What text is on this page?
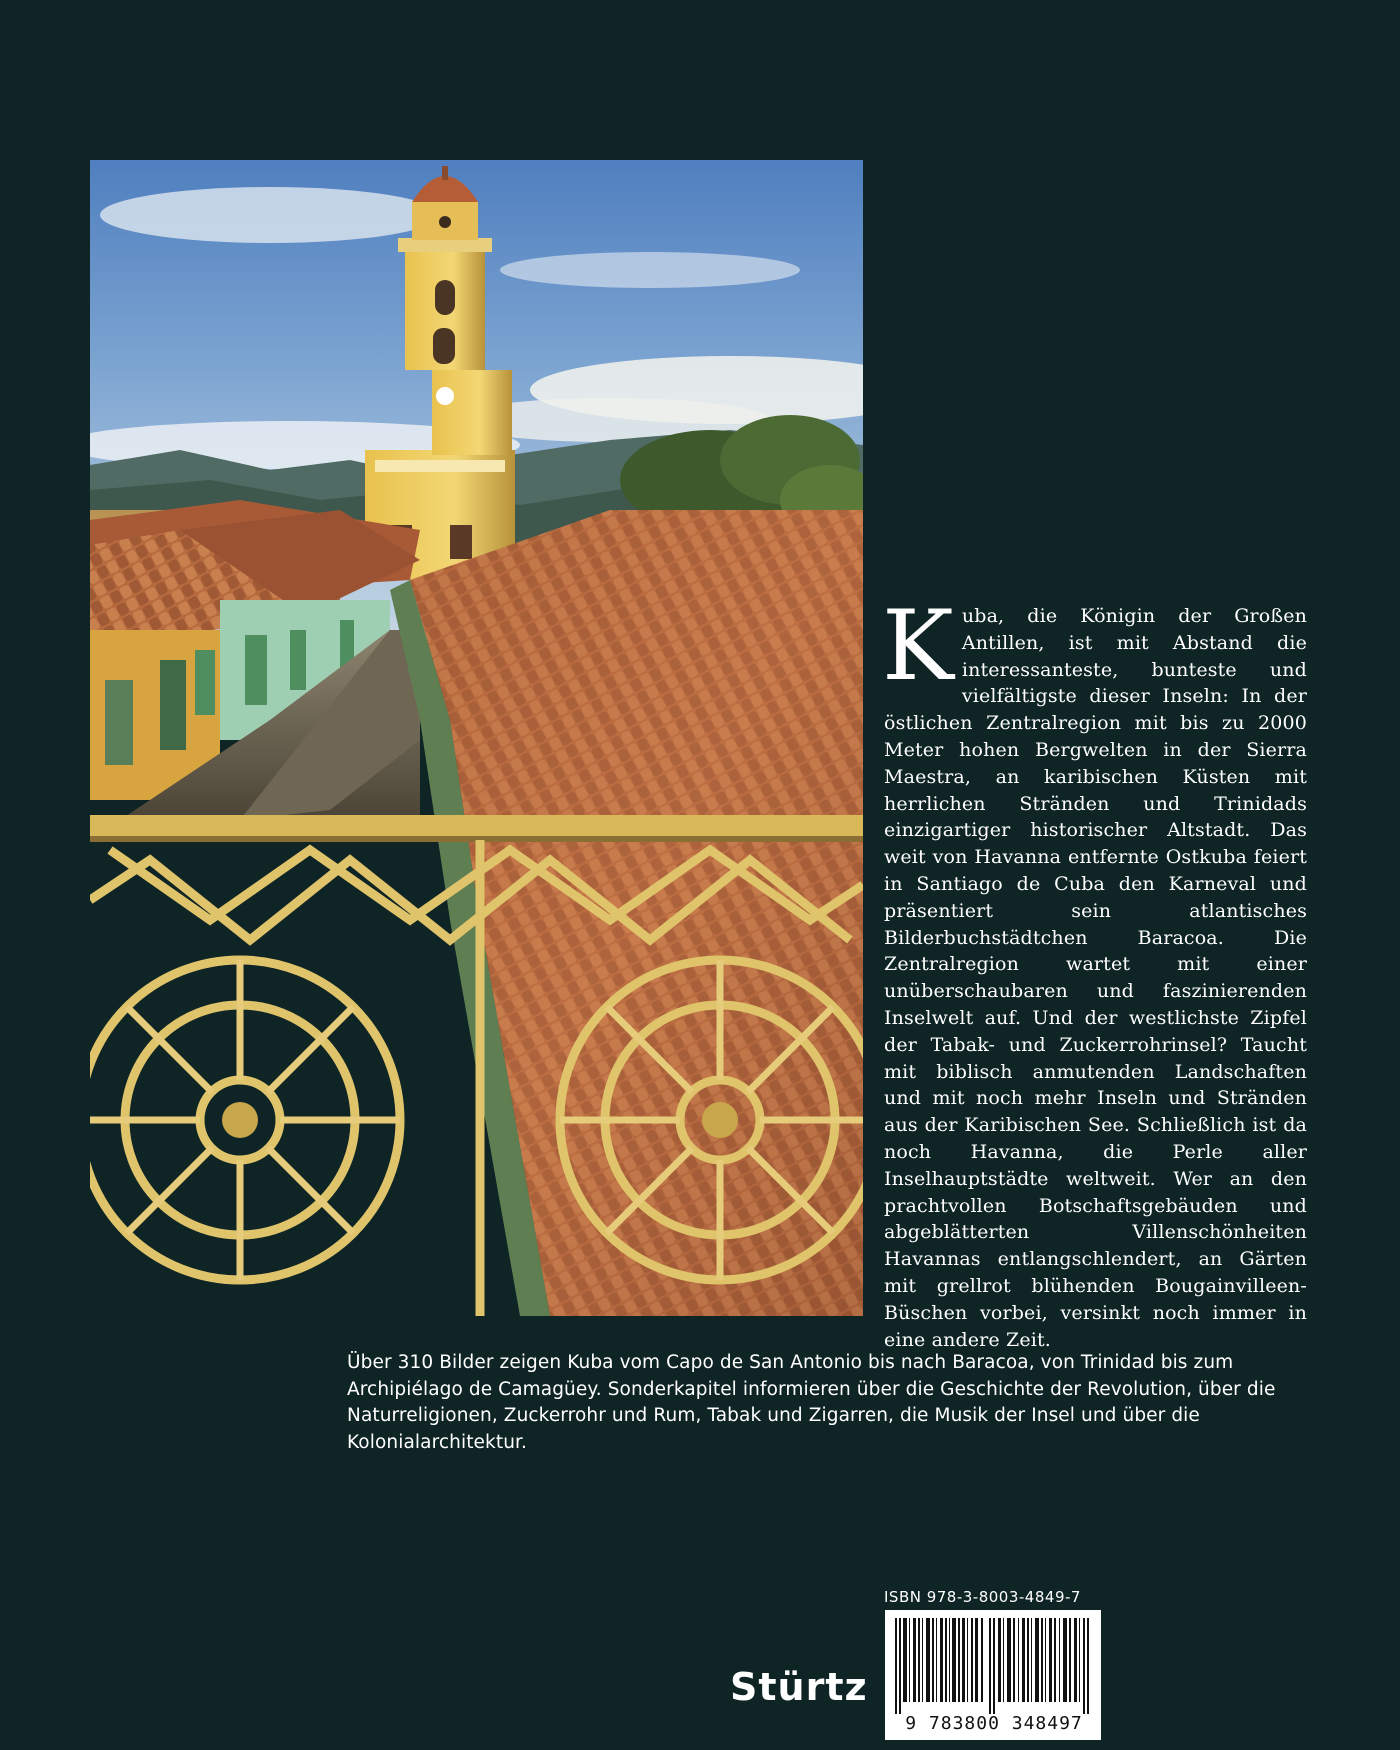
Kuba, die Königin der Großen Antillen, ist mit Abstand die interessanteste, bunteste und vielfältigste dieser Inseln: In der östlichen Zentralregion mit bis zu 2000 Meter hohen Bergwelten in der Sierra Maestra, an karibischen Küsten mit herrlichen Stränden und Trinidads einzigartiger historischer Altstadt. Das weit von Havanna entfernte Ostkuba feiert in Santiago de Cuba den Karneval und präsentiert sein atlantisches Bilderbuchstädtchen Baracoa. Die Zentralregion wartet mit einer unüberschaubaren und faszinierenden Inselwelt auf. Und der westlichste Zipfel der Tabak- und Zuckerrohrinsel? Taucht mit biblisch anmutenden Landschaften und mit noch mehr Inseln und Stränden aus der Karibischen See. Schließlich ist da noch Havanna, die Perle aller Inselhauptstädte weltweit. Wer an den prachtvollen Botschaftsgebäuden und abgeblätterten Villenschönheiten Havannas entlangschlendert, an Gärten mit grellrot blühenden Bougainvilleen-Büschen vorbei, versinkt noch immer in eine andere Zeit.

Über 310 Bilder zeigen Kuba vom Capo de San Antonio bis nach Baracoa, von Trinidad bis zum Archipiélago de Camagüey. Sonderkapitel informieren über die Geschichte der Revolution, über die Naturreligionen, Zuckerrohr und Rum, Tabak und Zigarren, die Musik der Insel und über die Kolonialarchitektur.

ISBN 978-3-8003-4849-7
9 783800 348497
Stürtz
